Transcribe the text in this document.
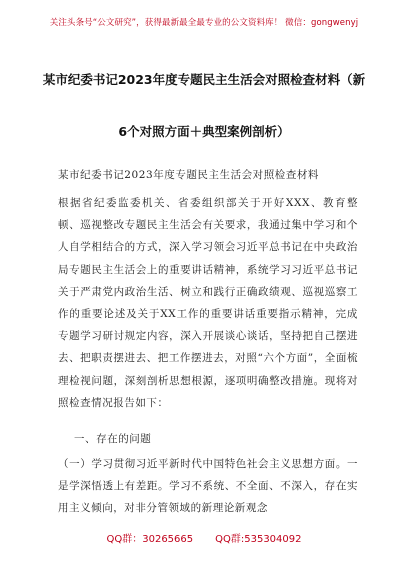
关注头条号“公文研究”，获得最新最全最专业的公文资料库！ 微信：gongwenyj
某市纪委书记2023年度专题民主生活会对照检查材料（新
6个对照方面＋典型案例剖析）
某市纪委书记2023年度专题民主生活会对照检查材料
根据省纪委监委机关、省委组织部关于开好XXX、教育整顿、巡视整改专题民主生活会有关要求，我通过集中学习和个人自学相结合的方式，深入学习领会习近平总书记在中央政治局专题民主生活会上的重要讲话精神，系统学习习近平总书记关于严肃党内政治生活、树立和践行正确政绩观、巡视巡察工作的重要论述及关于XX工作的重要讲话重要指示精神，完成专题学习研讨规定内容，深入开展谈心谈话，坚持把自己摆进去、把职责摆进去、把工作摆进去，对照“六个方面”，全面梳理检视问题，深刻剖析思想根源，逐项明确整改措施。现将对照检查情况报告如下：
一、存在的问题
（一）学习贯彻习近平新时代中国特色社会主义思想方面。一是学深悟透上有差距。学习不系统、不全面、不深入，存在实用主义倾向，对非分管领域的新理论新观念
QQ群：30265665 QQ群:535304092
